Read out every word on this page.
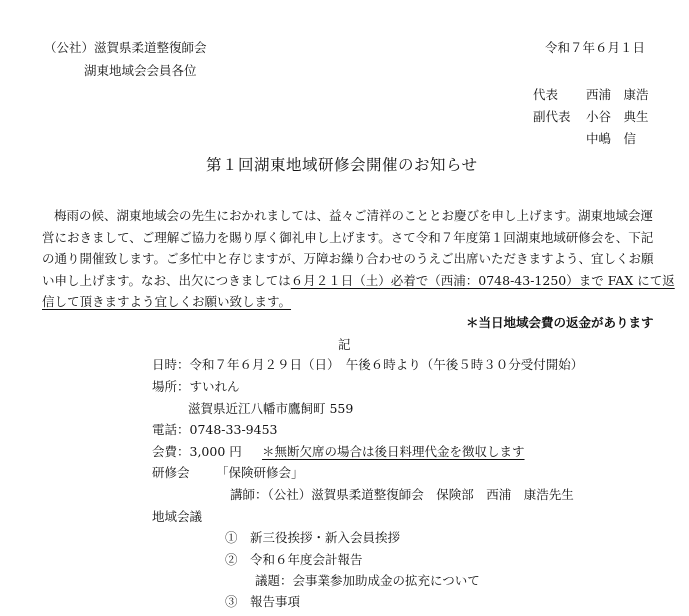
（公社）滋賀県柔道整復師会
湖東地域会会員各位
令和７年６月１日
代表 西浦　康浩
副代表 小谷　典生
中嶋　信
第１回湖東地域研修会開催のお知らせ
梅雨の候、湖東地域会の先生におかれましては、益々ご清祥のこととお慶びを申し上げます。湖東地域会運
営におきまして、ご理解ご協力を賜り厚く御礼申し上げます。さて令和７年度第１回湖東地域研修会を、下記
の通り開催致します。ご多忙中と存じますが、万障お繰り合わせのうえご出席いただきますよう、宜しくお願
い申し上げます。なお、出欠につきましては６月２１日（土）必着で（西浦：0748-43-1250）まで FAX にて返
信して頂きますよう宜しくお願い致します。
＊当日地域会費の返金があります
記
日時：令和７年６月２９日（日）　午後６時より（午後５時３０分受付開始）
場所：すいれん
滋賀県近江八幡市鷹飼町 559
電話：0748-33-9453
会費：3,000 円 ＊無断欠席の場合は後日料理代金を徴収します
研修会 「保険研修会」
講師：（公社）滋賀県柔道整復師会　保険部　西浦　康浩先生
地域会議
①　新三役挨拶・新入会員挨拶
②　令和６年度会計報告
議題：会事業参加助成金の拡充について
③　報告事項
